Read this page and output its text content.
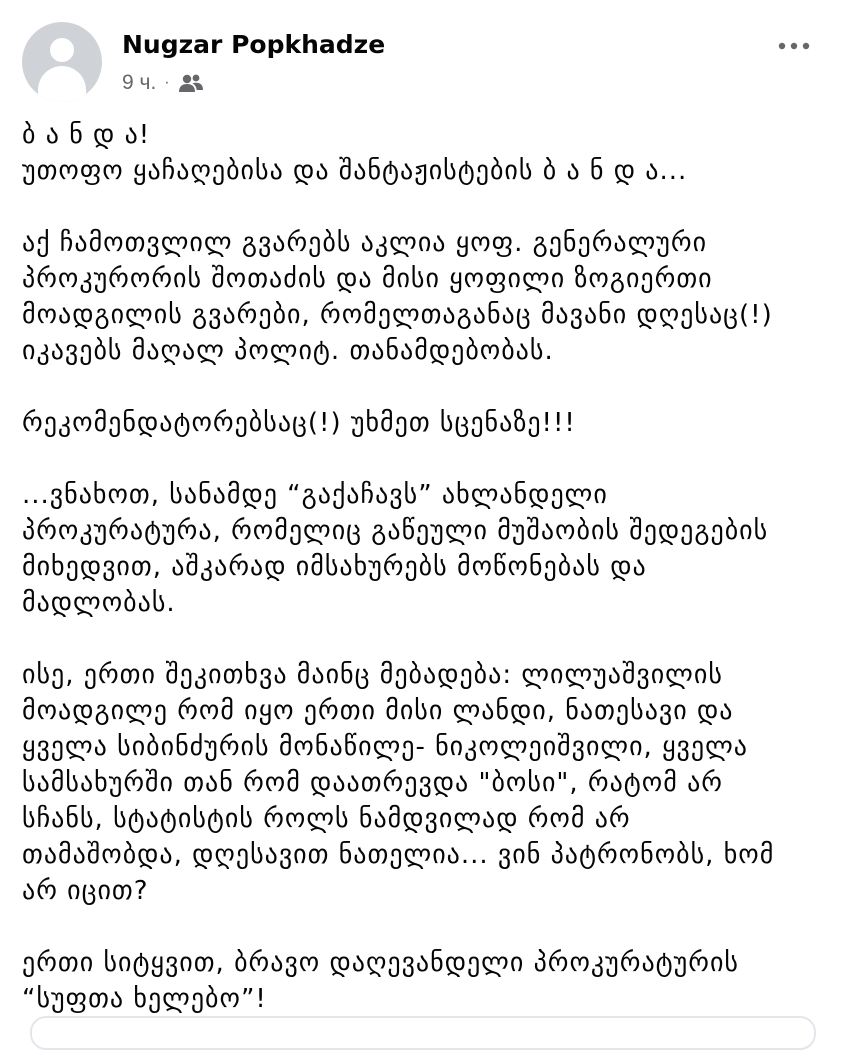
Nugzar Popkhadze
9 ч. ·
ბ ა ნ დ ა!
უთოფო ყაჩაღებისა და შანტაჟისტების ბ ა ნ დ ა...
აქ ჩამოთვლილ გვარებს აკლია ყოფ. გენერალური
პროკურორის შოთაძის და მისი ყოფილი ზოგიერთი
მოადგილის გვარები, რომელთაგანაც მავანი დღესაც(!)
იკავებს მაღალ პოლიტ. თანამდებობას.
რეკომენდატორებსაც(!) უხმეთ სცენაზე!!!
...ვნახოთ, სანამდე “გაქაჩავს” ახლანდელი
პროკურატურა, რომელიც გაწეული მუშაობის შედეგების
მიხედვით, აშკარად იმსახურებს მოწონებას და
მადლობას.
ისე, ერთი შეკითხვა მაინც მებადება: ლილუაშვილის
მოადგილე რომ იყო ერთი მისი ლანდი, ნათესავი და
ყველა სიბინძურის მონაწილე- ნიკოლეიშვილი, ყველა
სამსახურში თან რომ დაათრევდა "ბოსი", რატომ არ
სჩანს, სტატისტის როლს ნამდვილად რომ არ
თამაშობდა, დღესავით ნათელია... ვინ პატრონობს, ხომ
არ იცით?
ერთი სიტყვით, ბრავო დაღევანდელი პროკურატურის
“სუფთა ხელებო”!
